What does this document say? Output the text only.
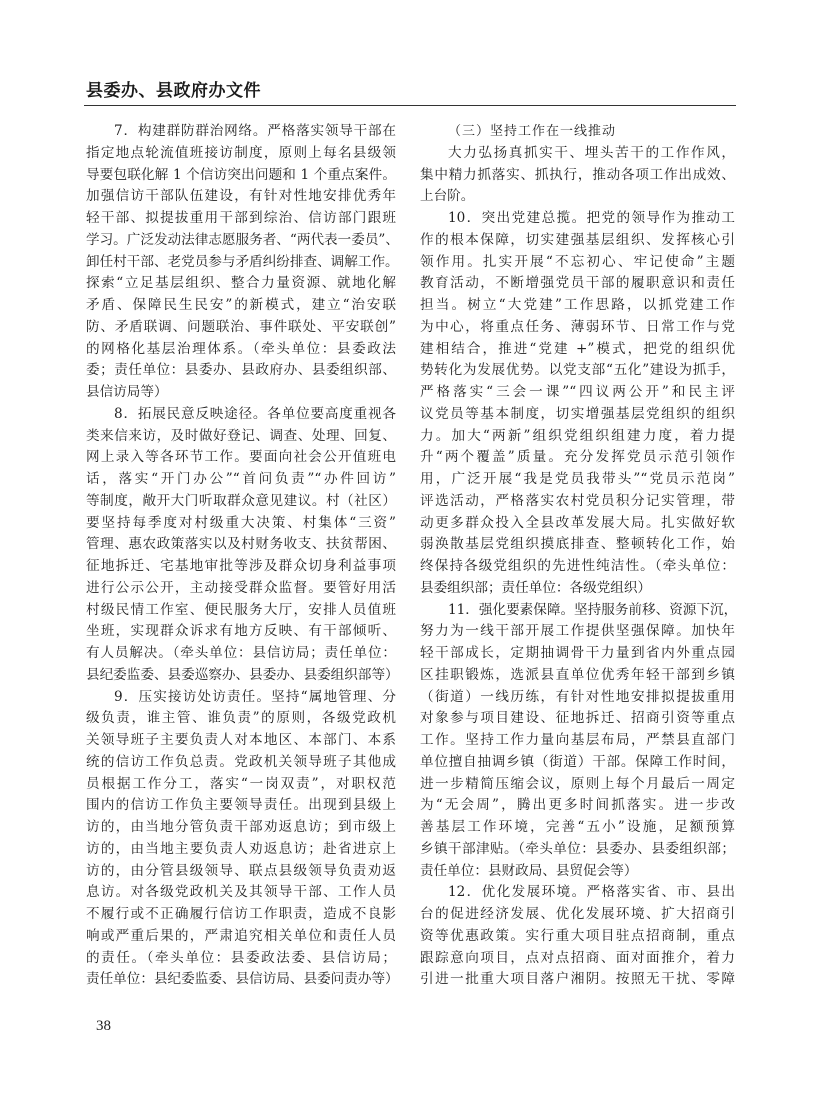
县委办、县政府办文件
7．构建群防群治网络。严格落实领导干部在
指定地点轮流值班接访制度，原则上每名县级领
导要包联化解 1 个信访突出问题和 1 个重点案件。
加强信访干部队伍建设，有针对性地安排优秀年
轻干部、拟提拔重用干部到综治、信访部门跟班
学习。广泛发动法律志愿服务者、“两代表一委员”、
卸任村干部、老党员参与矛盾纠纷排查、调解工作。
探索“立足基层组织、整合力量资源、就地化解
矛盾、保障民生民安”的新模式，建立“治安联
防、矛盾联调、问题联治、事件联处、平安联创”
的网格化基层治理体系。（牵头单位：县委政法
委；责任单位：县委办、县政府办、县委组织部、
县信访局等）
8．拓展民意反映途径。各单位要高度重视各
类来信来访，及时做好登记、调查、处理、回复、
网上录入等各环节工作。要面向社会公开值班电
话，落实“开门办公”“首问负责”“办件回访”
等制度，敞开大门听取群众意见建议。村（社区）
要坚持每季度对村级重大决策、村集体“三资”
管理、惠农政策落实以及村财务收支、扶贫帮困、
征地拆迁、宅基地审批等涉及群众切身利益事项
进行公示公开，主动接受群众监督。要管好用活
村级民情工作室、便民服务大厅，安排人员值班
坐班，实现群众诉求有地方反映、有干部倾听、
有人员解决。（牵头单位：县信访局；责任单位：
县纪委监委、县委巡察办、县委办、县委组织部等）
9．压实接访处访责任。坚持“属地管理、分
级负责，谁主管、谁负责”的原则，各级党政机
关领导班子主要负责人对本地区、本部门、本系
统的信访工作负总责。党政机关领导班子其他成
员根据工作分工，落实“一岗双责”，对职权范
围内的信访工作负主要领导责任。出现到县级上
访的，由当地分管负责干部劝返息访；到市级上
访的，由当地主要负责人劝返息访；赴省进京上
访的，由分管县级领导、联点县级领导负责劝返
息访。对各级党政机关及其领导干部、工作人员
不履行或不正确履行信访工作职责，造成不良影
响或严重后果的，严肃追究相关单位和责任人员
的责任。（牵头单位：县委政法委、县信访局；
责任单位：县纪委监委、县信访局、县委问责办等）
（三）坚持工作在一线推动
大力弘扬真抓实干、埋头苦干的工作作风，
集中精力抓落实、抓执行，推动各项工作出成效、
上台阶。
10．突出党建总揽。把党的领导作为推动工
作的根本保障，切实建强基层组织、发挥核心引
领作用。扎实开展“不忘初心、牢记使命”主题
教育活动，不断增强党员干部的履职意识和责任
担当。树立“大党建”工作思路，以抓党建工作
为中心，将重点任务、薄弱环节、日常工作与党
建相结合，推进“党建 +”模式，把党的组织优
势转化为发展优势。以党支部“五化”建设为抓手，
严格落实“三会一课”“四议两公开”和民主评
议党员等基本制度，切实增强基层党组织的组织
力。加大“两新”组织党组织组建力度，着力提
升“两个覆盖”质量。充分发挥党员示范引领作
用，广泛开展“我是党员我带头”“党员示范岗”
评选活动，严格落实农村党员积分记实管理，带
动更多群众投入全县改革发展大局。扎实做好软
弱涣散基层党组织摸底排查、整顿转化工作，始
终保持各级党组织的先进性纯洁性。（牵头单位：
县委组织部；责任单位：各级党组织）
11．强化要素保障。坚持服务前移、资源下沉，
努力为一线干部开展工作提供坚强保障。加快年
轻干部成长，定期抽调骨干力量到省内外重点园
区挂职锻炼，选派县直单位优秀年轻干部到乡镇
（街道）一线历练，有针对性地安排拟提拔重用
对象参与项目建设、征地拆迁、招商引资等重点
工作。坚持工作力量向基层布局，严禁县直部门
单位擅自抽调乡镇（街道）干部。保障工作时间，
进一步精简压缩会议，原则上每个月最后一周定
为“无会周”，腾出更多时间抓落实。进一步改
善基层工作环境，完善“五小”设施，足额预算
乡镇干部津贴。（牵头单位：县委办、县委组织部；
责任单位：县财政局、县贸促会等）
12．优化发展环境。严格落实省、市、县出
台的促进经济发展、优化发展环境、扩大招商引
资等优惠政策。实行重大项目驻点招商制，重点
跟踪意向项目，点对点招商、面对面推介，着力
引进一批重大项目落户湘阴。按照无干扰、零障
38
